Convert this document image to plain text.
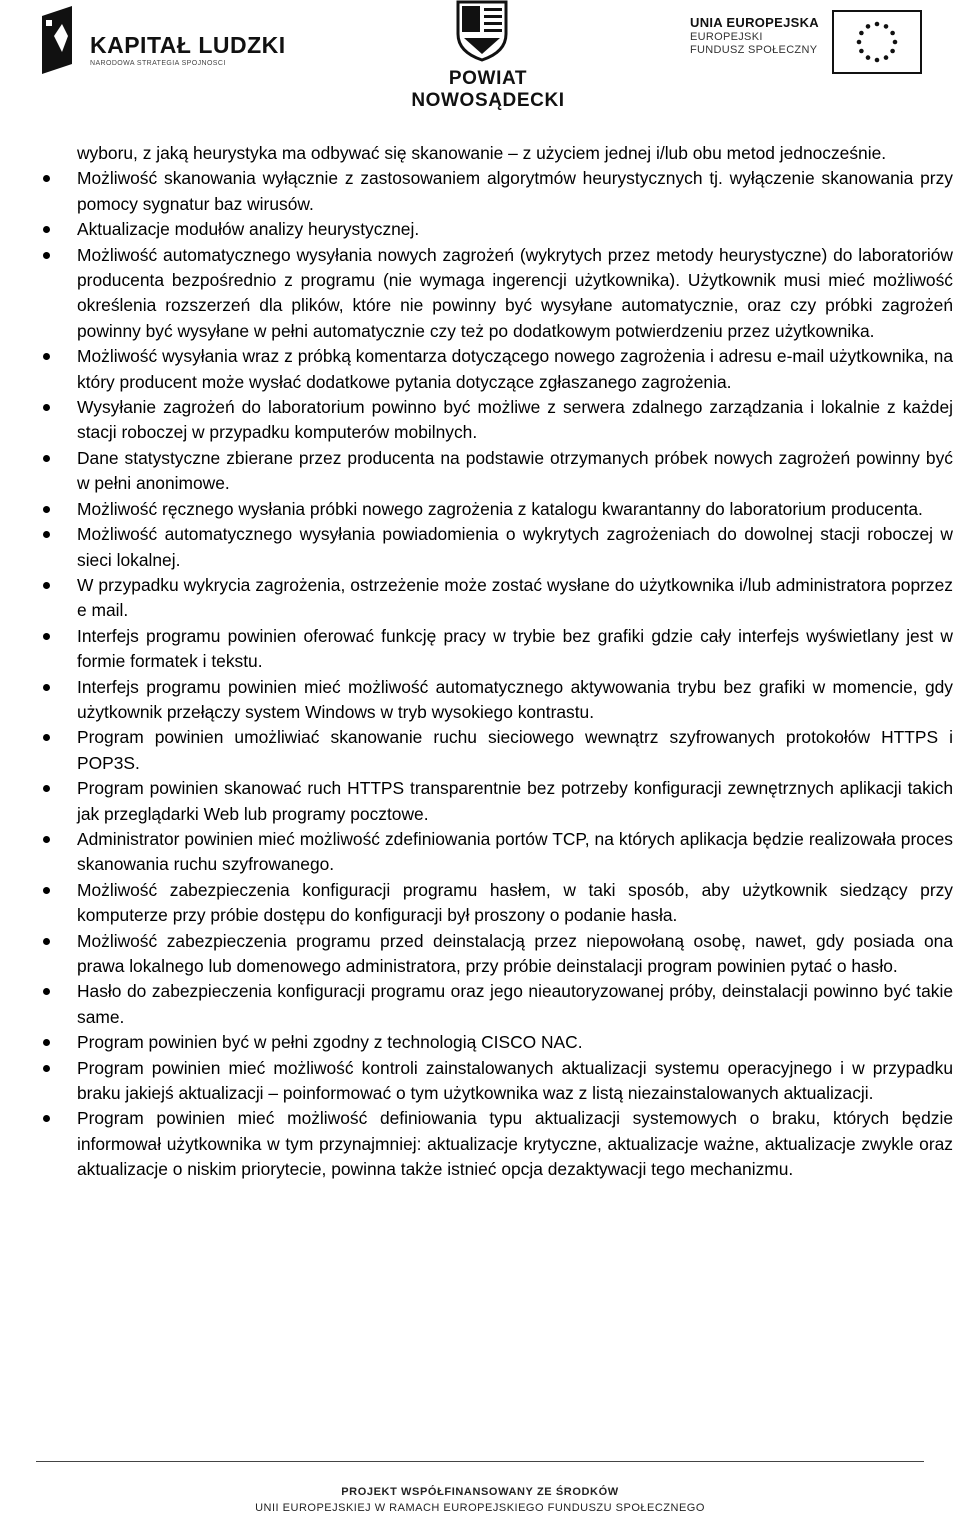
KAPITAŁ LUDZKI
NARODOWA STRATEGIA SPÓJNOŚCI
POWIAT NOWOSĄDECKI
UNIA EUROPEJSKA
EUROPEJSKI
FUNDUSZ SPOŁECZNY

wyboru, z jaką heurystyka ma odbywać się skanowanie – z użyciem jednej i/lub obu metod jednocześnie.

Możliwość skanowania wyłącznie z zastosowaniem algorytmów heurystycznych tj. wyłączenie skanowania przy pomocy sygnatur baz wirusów.
Aktualizacje modułów analizy heurystycznej.
Możliwość automatycznego wysyłania nowych zagrożeń (wykrytych przez metody heurystyczne) do laboratoriów producenta bezpośrednio z programu (nie wymaga ingerencji użytkownika). Użytkownik musi mieć możliwość określenia rozszerzeń dla plików, które nie powinny być wysyłane automatycznie, oraz czy próbki zagrożeń powinny być wysyłane w pełni automatycznie czy też po dodatkowym potwierdzeniu przez użytkownika.
Możliwość wysyłania wraz z próbką komentarza dotyczącego nowego zagrożenia i adresu e-mail użytkownika, na który producent może wysłać dodatkowe pytania dotyczące zgłaszanego zagrożenia.
Wysyłanie zagrożeń do laboratorium powinno być możliwe z serwera zdalnego zarządzania i lokalnie z każdej stacji roboczej w przypadku komputerów mobilnych.
Dane statystyczne zbierane przez producenta na podstawie otrzymanych próbek nowych zagrożeń powinny być w pełni anonimowe.
Możliwość ręcznego wysłania próbki nowego zagrożenia z katalogu kwarantanny do laboratorium producenta.
Możliwość automatycznego wysyłania powiadomienia o wykrytych zagrożeniach do dowolnej stacji roboczej w sieci lokalnej.
W przypadku wykrycia zagrożenia, ostrzeżenie może zostać wysłane do użytkownika i/lub administratora poprzez e mail.
Interfejs programu powinien oferować funkcję pracy w trybie bez grafiki gdzie cały interfejs wyświetlany jest w formie formatek i tekstu.
Interfejs programu powinien mieć możliwość automatycznego aktywowania trybu bez grafiki w momencie, gdy użytkownik przełączy system Windows w tryb wysokiego kontrastu.
Program powinien umożliwiać skanowanie ruchu sieciowego wewnątrz szyfrowanych protokołów HTTPS i POP3S.
Program powinien skanować ruch HTTPS transparentnie bez potrzeby konfiguracji zewnętrznych aplikacji takich jak przeglądarki Web lub programy pocztowe.
Administrator powinien mieć możliwość zdefiniowania portów TCP, na których aplikacja będzie realizowała proces skanowania ruchu szyfrowanego.
Możliwość zabezpieczenia konfiguracji programu hasłem, w taki sposób, aby użytkownik siedzący przy komputerze przy próbie dostępu do konfiguracji był proszony o podanie hasła.
Możliwość zabezpieczenia programu przed deinstalacją przez niepowołaną osobę, nawet, gdy posiada ona prawa lokalnego lub domenowego administratora, przy próbie deinstalacji program powinien pytać o hasło.
Hasło do zabezpieczenia konfiguracji programu oraz jego nieautoryzowanej próby, deinstalacji powinno być takie same.
Program powinien być w pełni zgodny z technologią CISCO NAC.
Program powinien mieć możliwość kontroli zainstalowanych aktualizacji systemu operacyjnego i w przypadku braku jakiejś aktualizacji – poinformować o tym użytkownika waz z listą niezainstalowanych aktualizacji.
Program powinien mieć możliwość definiowania typu aktualizacji systemowych o braku, których będzie informował użytkownika w tym przynajmniej: aktualizacje krytyczne, aktualizacje ważne, aktualizacje zwykle oraz aktualizacje o niskim priorytecie, powinna także istnieć opcja dezaktywacji tego mechanizmu.
PROJEKT WSPÓŁFINANSOWANY ZE ŚRODKÓW
UNII EUROPEJSKIEJ W RAMACH EUROPEJSKIEGO FUNDUSZU SPOŁECZNEGO
